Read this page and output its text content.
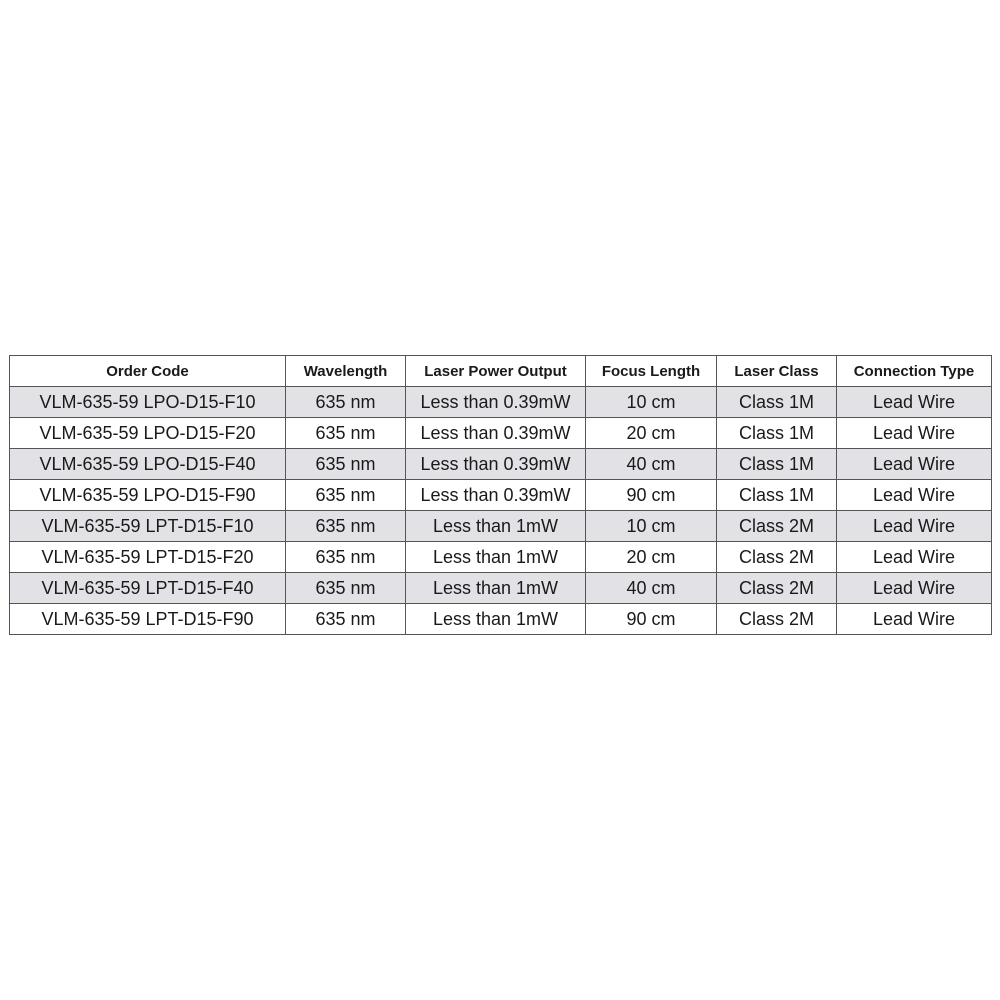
Order Code	Wavelength	Laser Power Output	Focus Length	Laser Class	Connection Type
VLM-635-59 LPO-D15-F10	635 nm	Less than 0.39mW	10 cm	Class 1M	Lead Wire
VLM-635-59 LPO-D15-F20	635 nm	Less than 0.39mW	20 cm	Class 1M	Lead Wire
VLM-635-59 LPO-D15-F40	635 nm	Less than 0.39mW	40 cm	Class 1M	Lead Wire
VLM-635-59 LPO-D15-F90	635 nm	Less than 0.39mW	90 cm	Class 1M	Lead Wire
VLM-635-59 LPT-D15-F10	635 nm	Less than 1mW	10 cm	Class 2M	Lead Wire
VLM-635-59 LPT-D15-F20	635 nm	Less than 1mW	20 cm	Class 2M	Lead Wire
VLM-635-59 LPT-D15-F40	635 nm	Less than 1mW	40 cm	Class 2M	Lead Wire
VLM-635-59 LPT-D15-F90	635 nm	Less than 1mW	90 cm	Class 2M	Lead Wire
